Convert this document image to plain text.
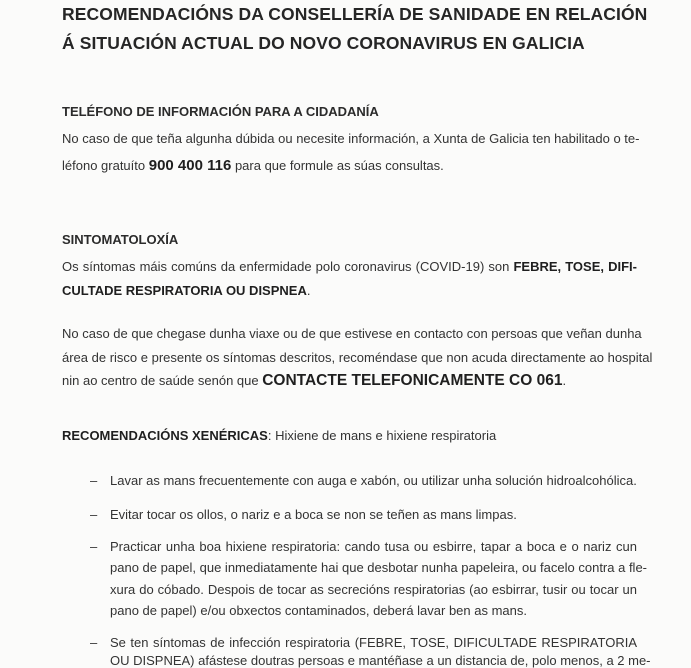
RECOMENDACIÓNS DA CONSELLERÍA DE SANIDADE EN RELACIÓN
Á SITUACIÓN ACTUAL DO NOVO CORONAVIRUS EN GALICIA
TELÉFONO DE INFORMACIÓN PARA A CIDADANÍA
No caso de que teña algunha dúbida ou necesite información, a Xunta de Galicia ten habilitado o te-
léfono gratuíto 900 400 116 para que formule as súas consultas.
SINTOMATOLOXÍA
Os síntomas máis comúns da enfermidade polo coronavirus (COVID-19) son FEBRE, TOSE, DIFI-
CULTADE RESPIRATORIA OU DISPNEA.
No caso de que chegase dunha viaxe ou de que estivese en contacto con persoas que veñan dunha
área de risco e presente os síntomas descritos, recoméndase que non acuda directamente ao hospital
nin ao centro de saúde senón que CONTACTE TELEFONICAMENTE CO 061.
RECOMENDACIÓNS XENÉRICAS: Hixiene de mans e hixiene respiratoria
– Lavar as mans frecuentemente con auga e xabón, ou utilizar unha solución hidroalcohólica.
– Evitar tocar os ollos, o nariz e a boca se non se teñen as mans limpas.
– Practicar unha boa hixiene respiratoria: cando tusa ou esbirre, tapar a boca e o nariz cun
pano de papel, que inmediatamente hai que desbotar nunha papeleira, ou facelo contra a fle-
xura do cóbado. Despois de tocar as secrecións respiratorias (ao esbirrar, tusir ou tocar un
pano de papel) e/ou obxectos contaminados, deberá lavar ben as mans.
– Se ten síntomas de infección respiratoria (FEBRE, TOSE, DIFICULTADE RESPIRATORIA
OU DISPNEA) afástese doutras persoas e mantéñase a un distancia de, polo menos, a 2 me-
